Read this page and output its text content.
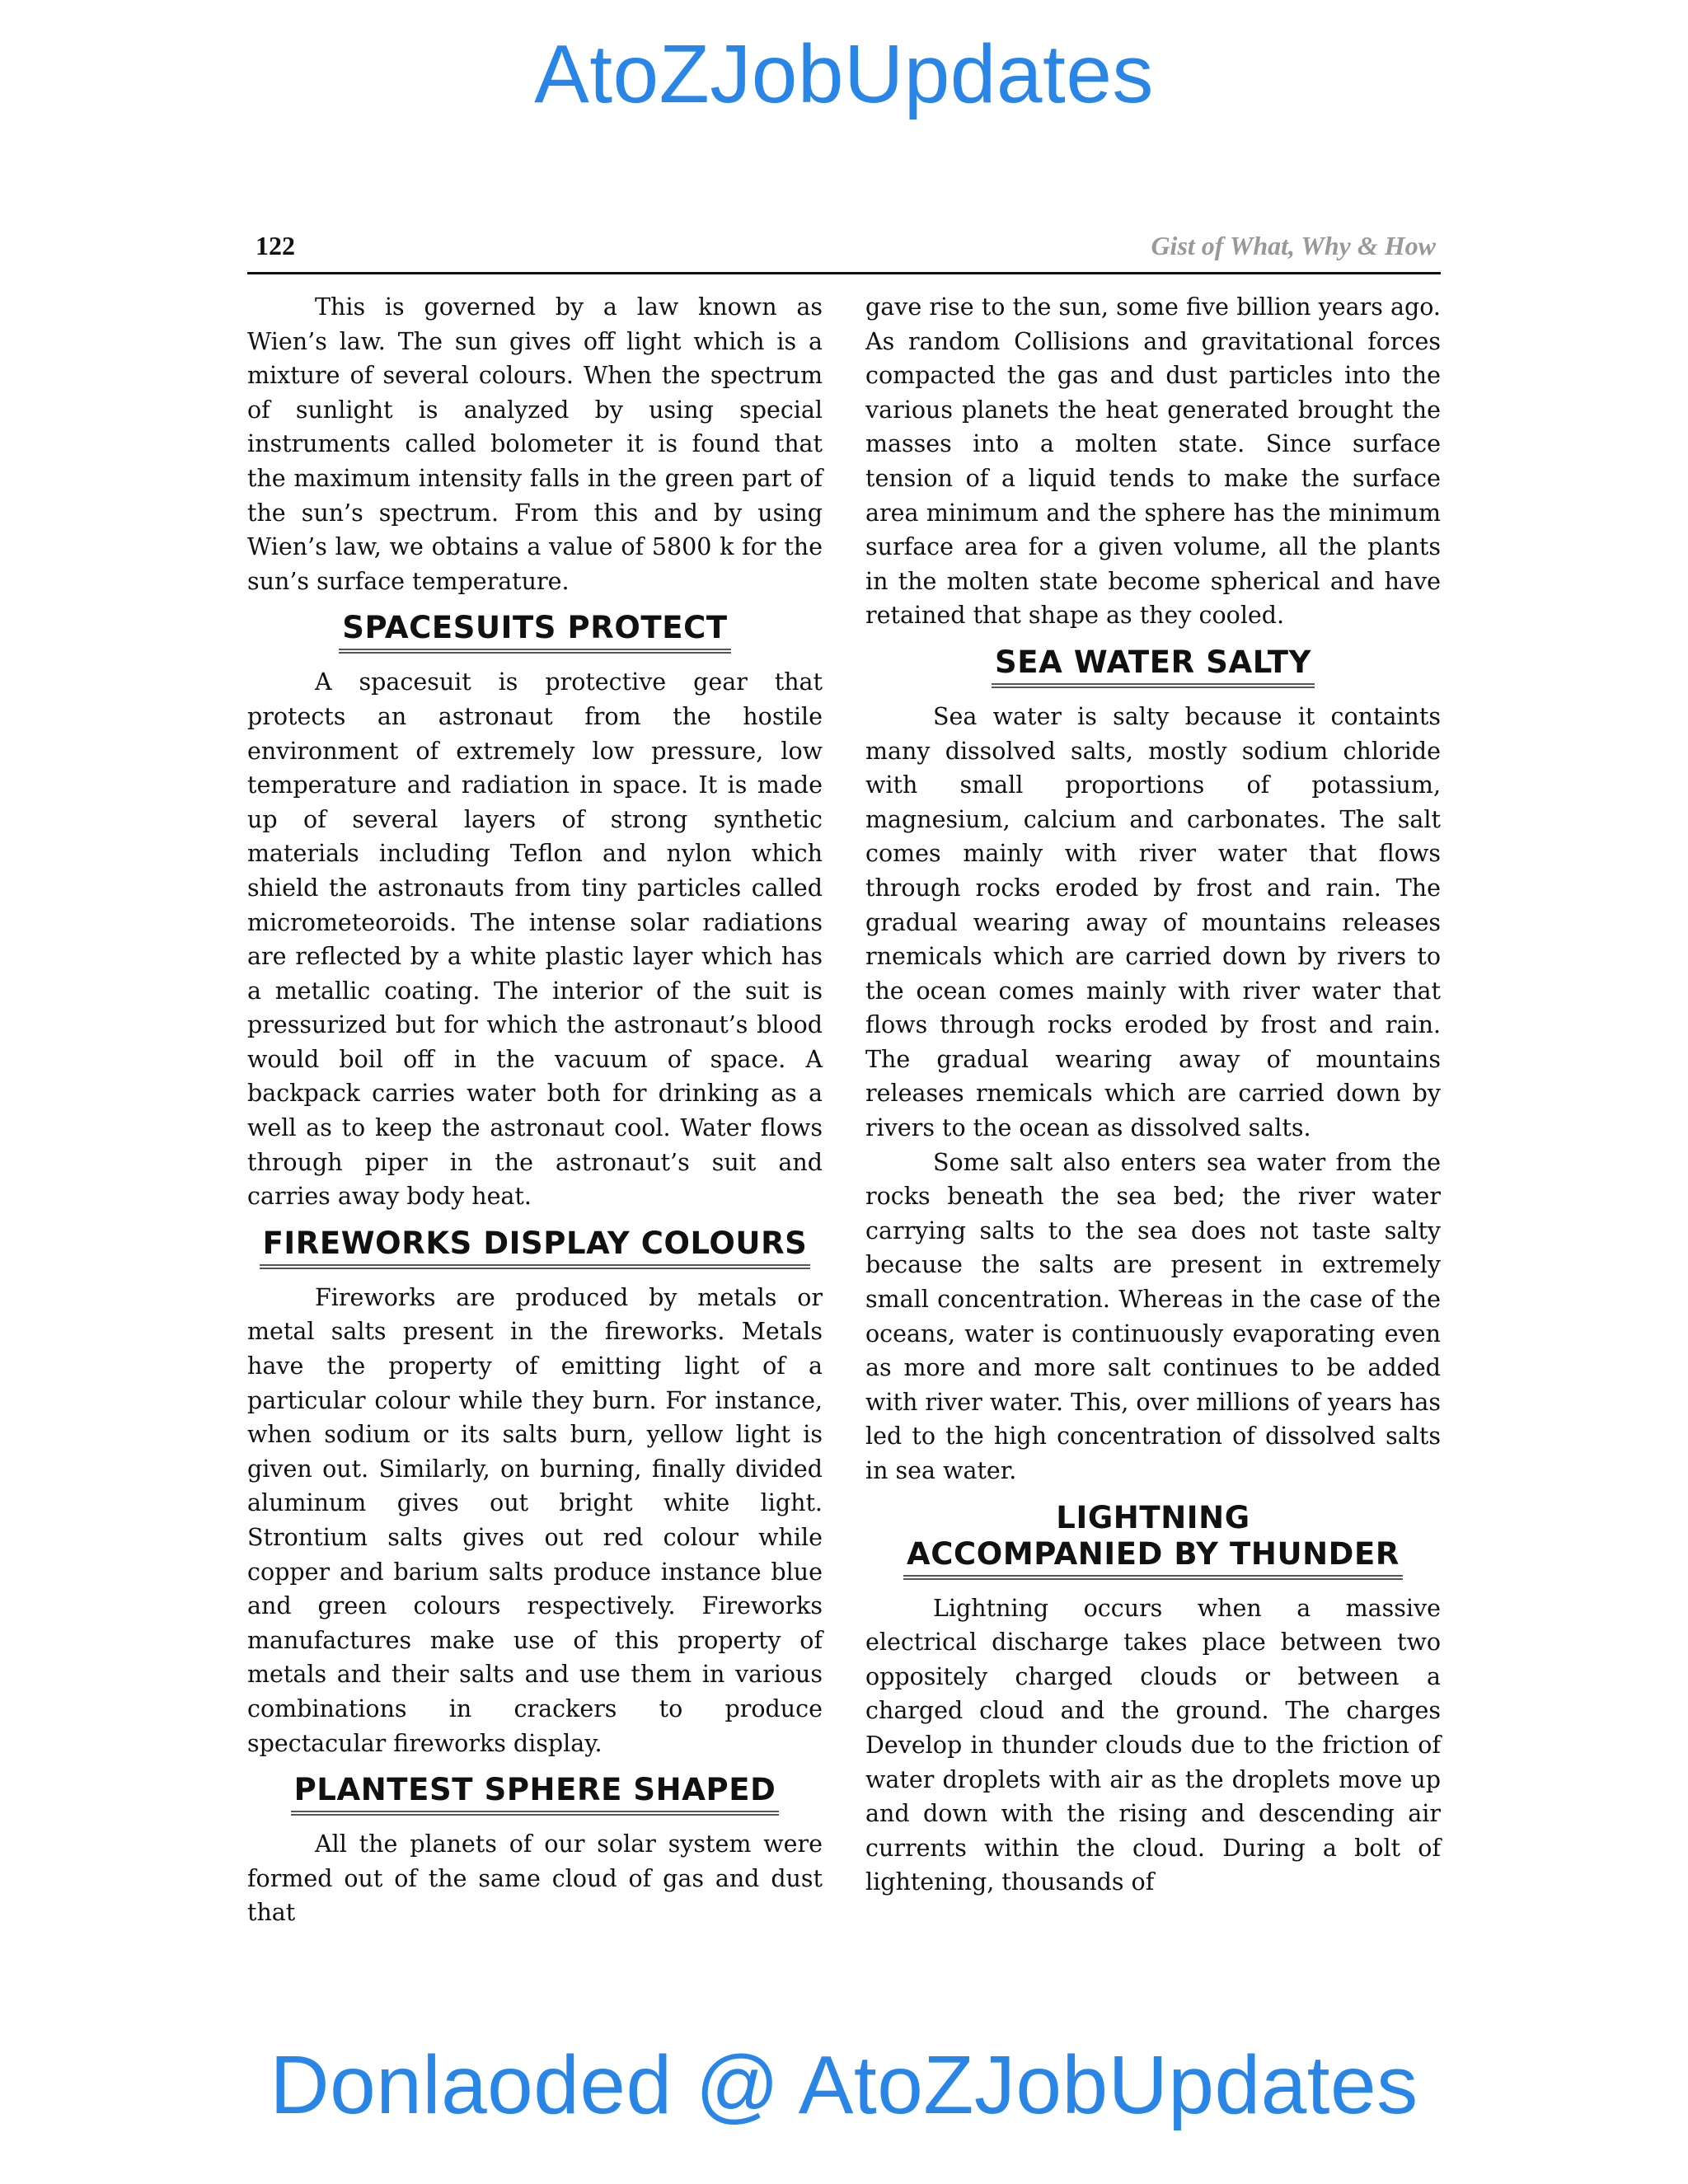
AtoZJobUpdates
122	Gist of What, Why & How

This is governed by a law known as Wien’s law. The sun gives off light which is a mixture of several colours. When the spectrum of sunlight is analyzed by using special instruments called bolometer it is found that the maximum intensity falls in the green part of the sun’s spectrum. From this and by using Wien’s law, we obtains a value of 5800 k for the sun’s surface temperature.

SPACESUITS PROTECT

A spacesuit is protective gear that protects an astronaut from the hostile environment of extremely low pressure, low temperature and radiation in space. It is made up of several layers of strong synthetic materials including Teflon and nylon which shield the astronauts from tiny particles called micrometeoroids. The intense solar radiations are reflected by a white plastic layer which has a metallic coating. The interior of the suit is pressurized but for which the astronaut’s blood would boil off in the vacuum of space. A backpack carries water both for drinking as a well as to keep the astronaut cool. Water flows through piper in the astronaut’s suit and carries away body heat.

FIREWORKS DISPLAY COLOURS

Fireworks are produced by metals or metal salts present in the fireworks. Metals have the property of emitting light of a particular colour while they burn. For instance, when sodium or its salts burn, yellow light is given out. Similarly, on burning, finally divided aluminum gives out bright white light. Strontium salts gives out red colour while copper and barium salts produce instance blue and green colours respectively. Fireworks manufactures make use of this property of metals and their salts and use them in various combinations in crackers to produce spectacular fireworks display.

PLANTEST SPHERE SHAPED

All the planets of our solar system were formed out of the same cloud of gas and dust that

gave rise to the sun, some five billion years ago. As random Collisions and gravitational forces compacted the gas and dust particles into the various planets the heat generated brought the masses into a molten state. Since surface tension of a liquid tends to make the surface area minimum and the sphere has the minimum surface area for a given volume, all the plants in the molten state become spherical and have retained that shape as they cooled.

SEA WATER SALTY

Sea water is salty because it containts many dissolved salts, mostly sodium chloride with small proportions of potassium, magnesium, calcium and carbonates. The salt comes mainly with river water that flows through rocks eroded by frost and rain. The gradual wearing away of mountains releases rnemicals which are carried down by rivers to the ocean comes mainly with river water that flows through rocks eroded by frost and rain. The gradual wearing away of mountains releases rnemicals which are carried down by rivers to the ocean as dissolved salts.

Some salt also enters sea water from the rocks beneath the sea bed; the river water carrying salts to the sea does not taste salty because the salts are present in extremely small concentration. Whereas in the case of the oceans, water is continuously evaporating even as more and more salt continues to be added with river water. This, over millions of years has led to the high concentration of dissolved salts in sea water.

LIGHTNING
ACCOMPANIED BY THUNDER

Lightning occurs when a massive electrical discharge takes place between two oppositely charged clouds or between a charged cloud and the ground. The charges Develop in thunder clouds due to the friction of water droplets with air as the droplets move up and down with the rising and descending air currents within the cloud. During a bolt of lightening, thousands of

Donlaoded @ AtoZJobUpdates
